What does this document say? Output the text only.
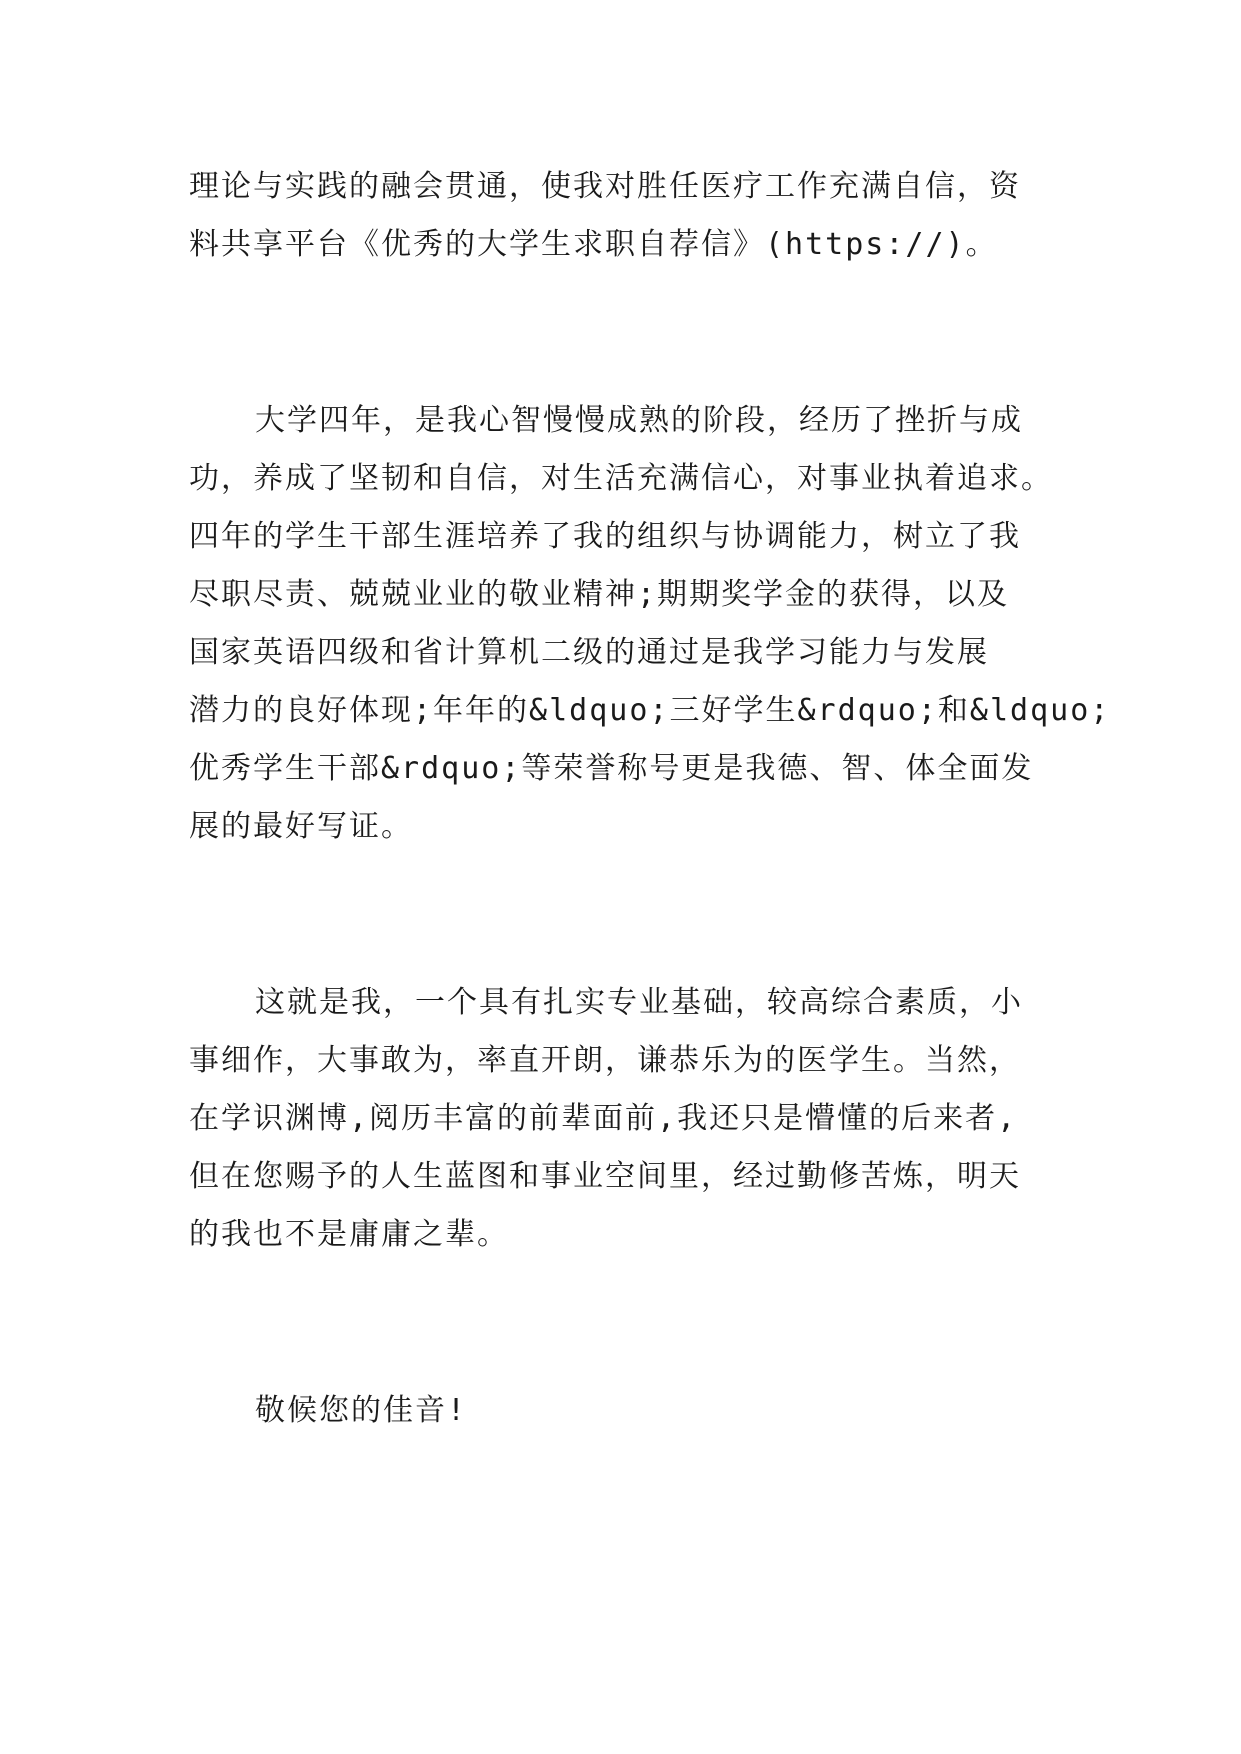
理论与实践的融会贯通，使我对胜任医疗工作充满自信，资
料共享平台《优秀的大学生求职自荐信》(https://)。
大学四年，是我心智慢慢成熟的阶段，经历了挫折与成
功，养成了坚韧和自信，对生活充满信心，对事业执着追求。
四年的学生干部生涯培养了我的组织与协调能力，树立了我
尽职尽责、兢兢业业的敬业精神;期期奖学金的获得，以及
国家英语四级和省计算机二级的通过是我学习能力与发展
潜力的良好体现;年年的&ldquo;三好学生&rdquo;和&ldquo;
优秀学生干部&rdquo;等荣誉称号更是我德、智、体全面发
展的最好写证。
这就是我，一个具有扎实专业基础，较高综合素质，小
事细作，大事敢为，率直开朗，谦恭乐为的医学生。当然，
在学识渊博,阅历丰富的前辈面前,我还只是懵懂的后来者,
但在您赐予的人生蓝图和事业空间里，经过勤修苦炼，明天
的我也不是庸庸之辈。
敬候您的佳音!
